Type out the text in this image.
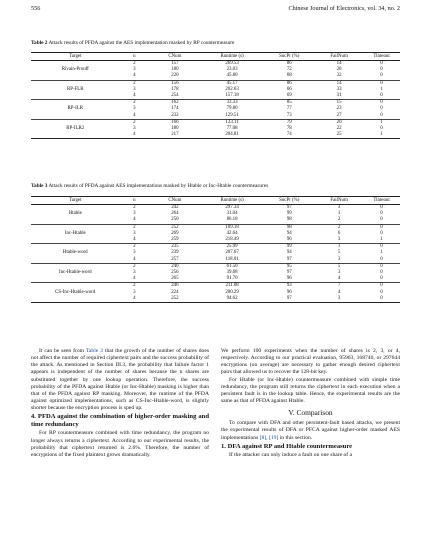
556	Chinese Journal of Electronics, vol. 34, no. 2
Table 2 Attack results of PFDA against the AES implementation masked by RP countermeasure
Target	n	CNum	Runtime (s)	SucPr (%)	FailNum	Timeout
	2	157	269.53	86	14	0
Rivain-Prouff	3	180	23.03	72	28	0
	4	220	45.80	68	32	0
	2	156	45.17	86	14	0
RP-FLR	3	178	202.63	66	33	1
	4	254	157.18	69	31	0
	2	162	33.33	85	15	0
RP-ILR	3	174	79.80	77	23	0
	4	232	129.51	73	27	0
	2	166	123.11	79	20	1
RP-ILR2	3	180	77.08	78	22	0
	4	217	204.81	74	25	1
Table 3 Attack results of PFDA against AES implementations masked by Htable or Inc-Htable countermeasures
Target	n	CNum	Runtime (s)	SucPr (%)	FailNum	Timeout
	2	242	297.34	97	3	0
Htable	3	264	31.04	99	1	0
	4	250	86.18	98	2	0
	2	252	109.18	98	2	0
Inc-Htable	3	269	42.64	94	6	0
	4	259	218.49	96	3	1
	2	235	25.99	99	1	0
Htable-word	3	239	207.67	94	5	1
	4	257	118.01	97	3	0
	2	240	61.50	95	5	0
Inc-Htable-word	3	256	39.68	97	3	0
	4	265	91.70	96	4	0
	2	246	211.08	93	7	0
CS-Inc-Htable-word	3	224	200.29	96	4	0
	4	252	94.62	97	3	0

It can be seen from Table 3 that the growth of the number of shares does not affect the number of required ciphertext pairs and the success probability of the attack. As mentioned in Section III.3, the probability that failure factor 1 appears is independent of the number of shares because the n shares are substituted together by one lookup operation. Therefore, the success probability of the PFDA against Htable (or Inc-Htable) masking is higher than that of the PFDA against RP masking. Moreover, the runtime of the PFDA against optimized implementations, such as CS-Inc-Htable-word, is slightly shorter because the encryption process is sped up.

4. PFDA against the combination of higher-order masking and time redundancy

For RP countermeasure combined with time redundancy, the program no longer always returns a ciphertext. According to our experimental results, the probability that ciphertext returned is 2.6%. Therefore, the number of encryptions of the fixed plaintext grows dramatically.

We perform 100 experiments when the number of shares is 2, 3, or 4, respectively. According to our practical evaluation, 95963, 168740, or 297644 encryptions (on average) are necessary to gather enough desired ciphertext pairs that allowed us to recover the 128-bit key.

For Htable (or Inc-Htable) countermeasure combined with simple time redundancy, the program still returns the ciphertext in each execution when a persistent fault is in the lookup table. Hence, the experimental results are the same as that of PFDA against Htable.

V. Comparison

To compare with DFA and other persistent-fault based attacks, we present the experimental results of DFA or PFCA against higher-order masked AES implementations [8], [19] in this section.

1. DFA against RP and Htable countermeasure

If the attacker can only induce a fault on one share of a
